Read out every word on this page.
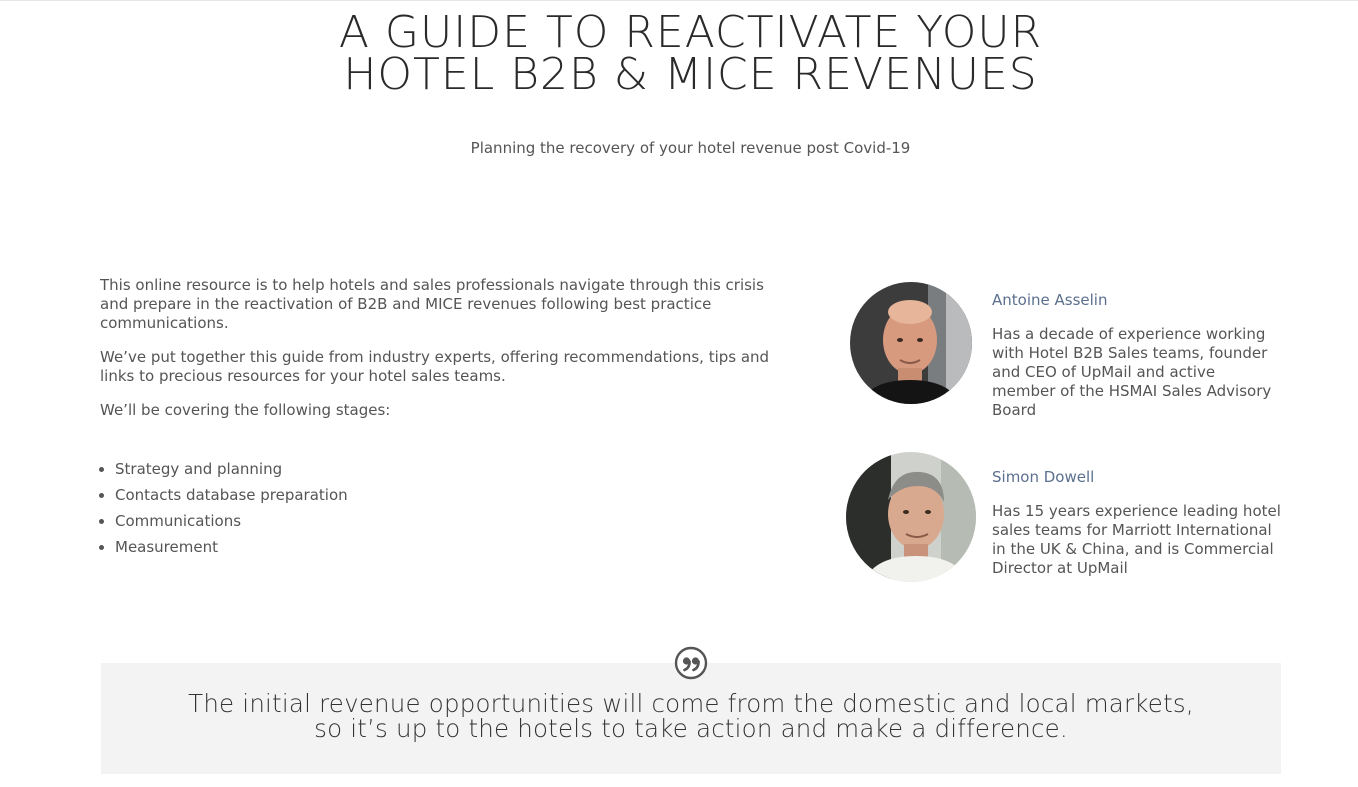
A GUIDE TO REACTIVATE YOUR
HOTEL B2B & MICE REVENUES

Planning the recovery of your hotel revenue post Covid-19

This online resource is to help hotels and sales professionals navigate through this crisis and prepare in the reactivation of B2B and MICE revenues following best practice communications.

We’ve put together this guide from industry experts, offering recommendations, tips and links to precious resources for your hotel sales teams.

We’ll be covering the following stages:

• Strategy and planning
• Contacts database preparation
• Communications
• Measurement
Antoine Asselin
Has a decade of experience working with Hotel B2B Sales teams, founder and CEO of UpMail and active member of the HSMAI Sales Advisory Board
Simon Dowell
Has 15 years experience leading hotel sales teams for Marriott International in the UK & China, and is Commercial Director at UpMail
The initial revenue opportunities will come from the domestic and local markets,
so it’s up to the hotels to take action and make a difference.
